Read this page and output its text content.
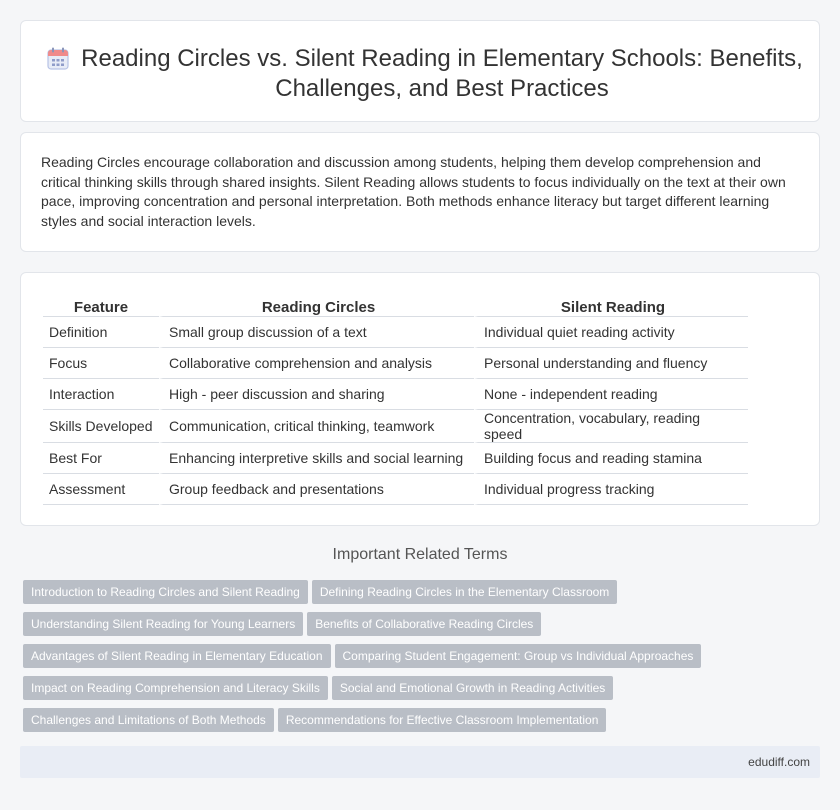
Reading Circles vs. Silent Reading in Elementary Schools: Benefits, Challenges, and Best Practices

Reading Circles encourage collaboration and discussion among students, helping them develop comprehension and critical thinking skills through shared insights. Silent Reading allows students to focus individually on the text at their own pace, improving concentration and personal interpretation. Both methods enhance literacy but target different learning styles and social interaction levels.

Feature	Reading Circles	Silent Reading
Definition	Small group discussion of a text	Individual quiet reading activity
Focus	Collaborative comprehension and analysis	Personal understanding and fluency
Interaction	High - peer discussion and sharing	None - independent reading
Skills Developed	Communication, critical thinking, teamwork	Concentration, vocabulary, reading speed
Best For	Enhancing interpretive skills and social learning	Building focus and reading stamina
Assessment	Group feedback and presentations	Individual progress tracking
Important Related Terms
Introduction to Reading Circles and Silent Reading Defining Reading Circles in the Elementary Classroom
Understanding Silent Reading for Young Learners Benefits of Collaborative Reading Circles
Advantages of Silent Reading in Elementary Education Comparing Student Engagement: Group vs Individual Approaches
Impact on Reading Comprehension and Literacy Skills Social and Emotional Growth in Reading Activities
Challenges and Limitations of Both Methods Recommendations for Effective Classroom Implementation
edudiff.com
